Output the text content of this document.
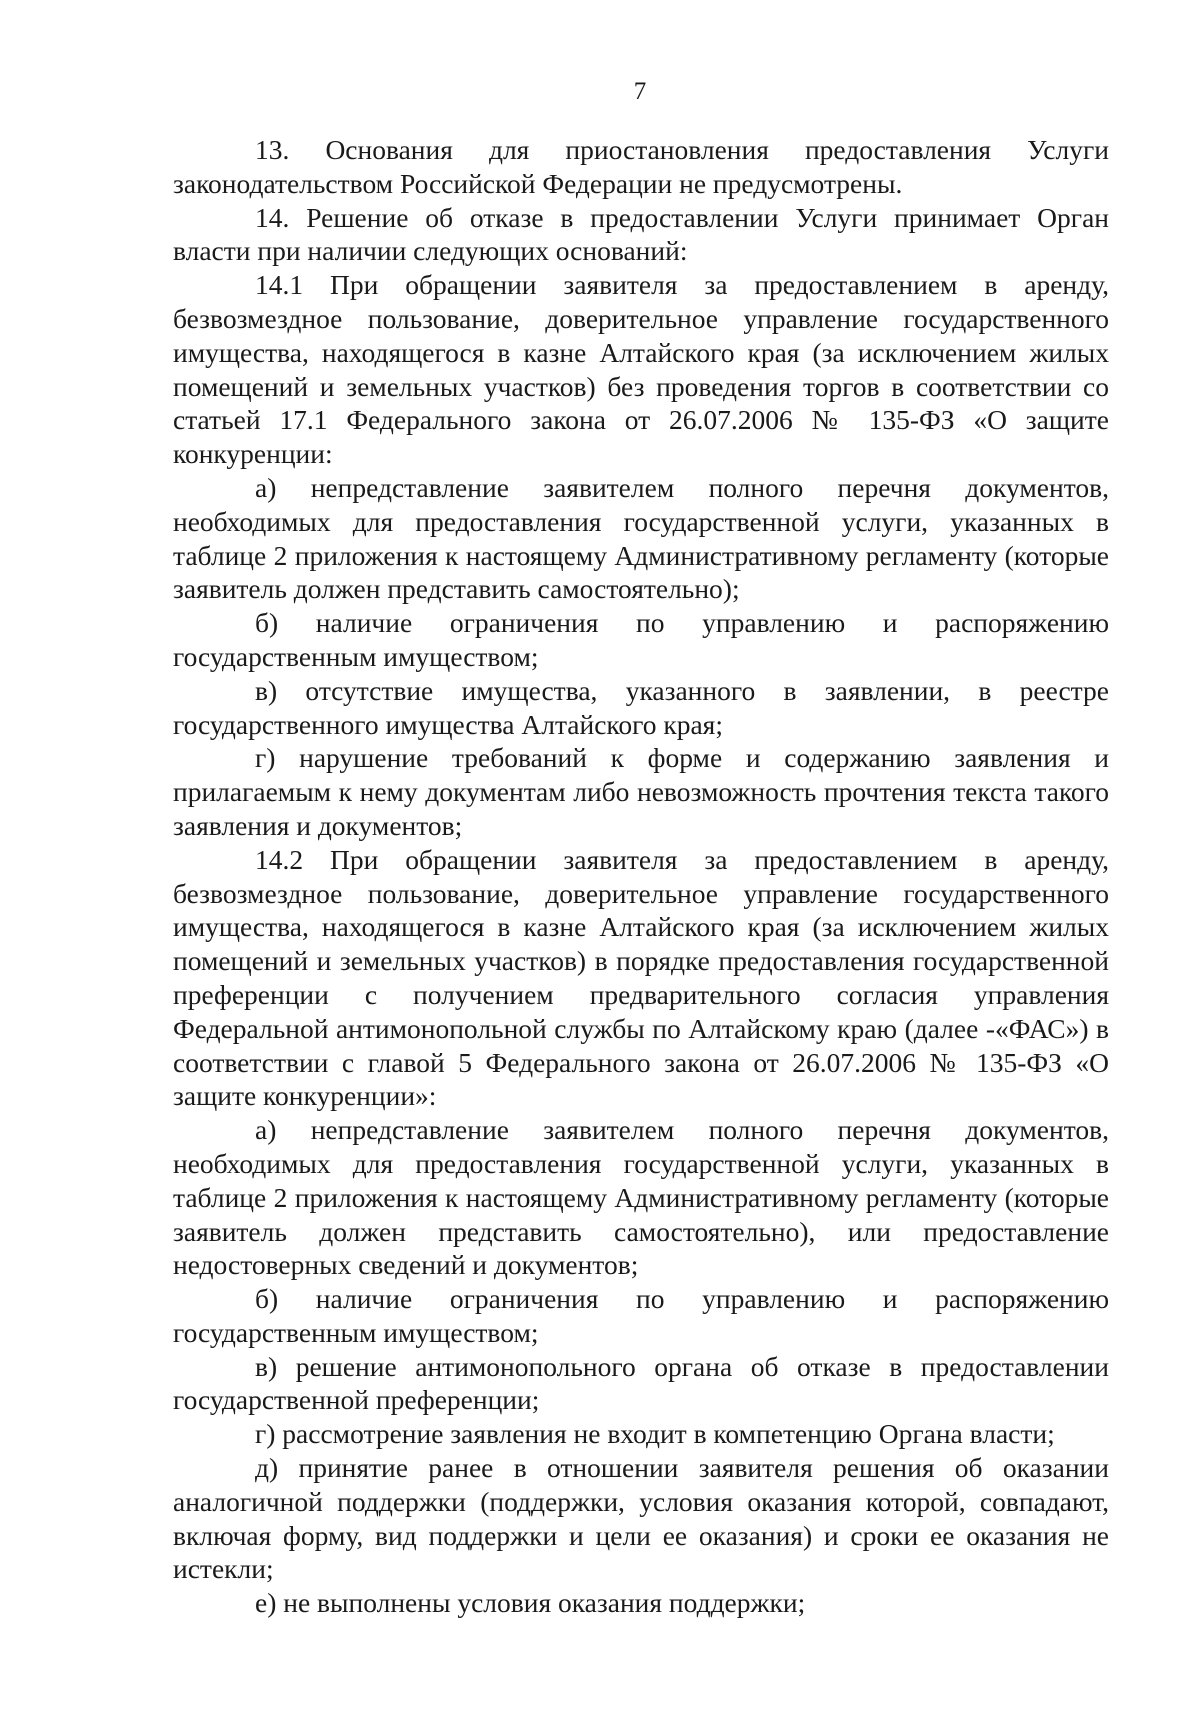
7

13. Основания для приостановления предоставления Услуги законодательством Российской Федерации не предусмотрены.

14. Решение об отказе в предоставлении Услуги принимает Орган власти при наличии следующих оснований:

14.1 При обращении заявителя за предоставлением в аренду, безвозмездное пользование, доверительное управление государственного имущества, находящегося в казне Алтайского края (за исключением жилых помещений и земельных участков) без проведения торгов в соответствии со статьей 17.1 Федерального закона от 26.07.2006 № 135-ФЗ «О защите конкуренции:

а) непредставление заявителем полного перечня документов, необходимых для предоставления государственной услуги, указанных в таблице 2 приложения к настоящему Административному регламенту (которые заявитель должен представить самостоятельно);

б) наличие ограничения по управлению и распоряжению государственным имуществом;

в) отсутствие имущества, указанного в заявлении, в реестре государственного имущества Алтайского края;

г) нарушение требований к форме и содержанию заявления и прилагаемым к нему документам либо невозможность прочтения текста такого заявления и документов;

14.2 При обращении заявителя за предоставлением в аренду, безвозмездное пользование, доверительное управление государственного имущества, находящегося в казне Алтайского края (за исключением жилых помещений и земельных участков) в порядке предоставления государственной преференции с получением предварительного согласия управления Федеральной антимонопольной службы по Алтайскому краю (далее -«ФАС») в соответствии с главой 5 Федерального закона от 26.07.2006 № 135-ФЗ «О защите конкуренции»:

а) непредставление заявителем полного перечня документов, необходимых для предоставления государственной услуги, указанных в таблице 2 приложения к настоящему Административному регламенту (которые заявитель должен представить самостоятельно), или предоставление недостоверных сведений и документов;

б) наличие ограничения по управлению и распоряжению государственным имуществом;

в) решение антимонопольного органа об отказе в предоставлении государственной преференции;

г) рассмотрение заявления не входит в компетенцию Органа власти;

д) принятие ранее в отношении заявителя решения об оказании аналогичной поддержки (поддержки, условия оказания которой, совпадают, включая форму, вид поддержки и цели ее оказания) и сроки ее оказания не истекли;

е) не выполнены условия оказания поддержки;
